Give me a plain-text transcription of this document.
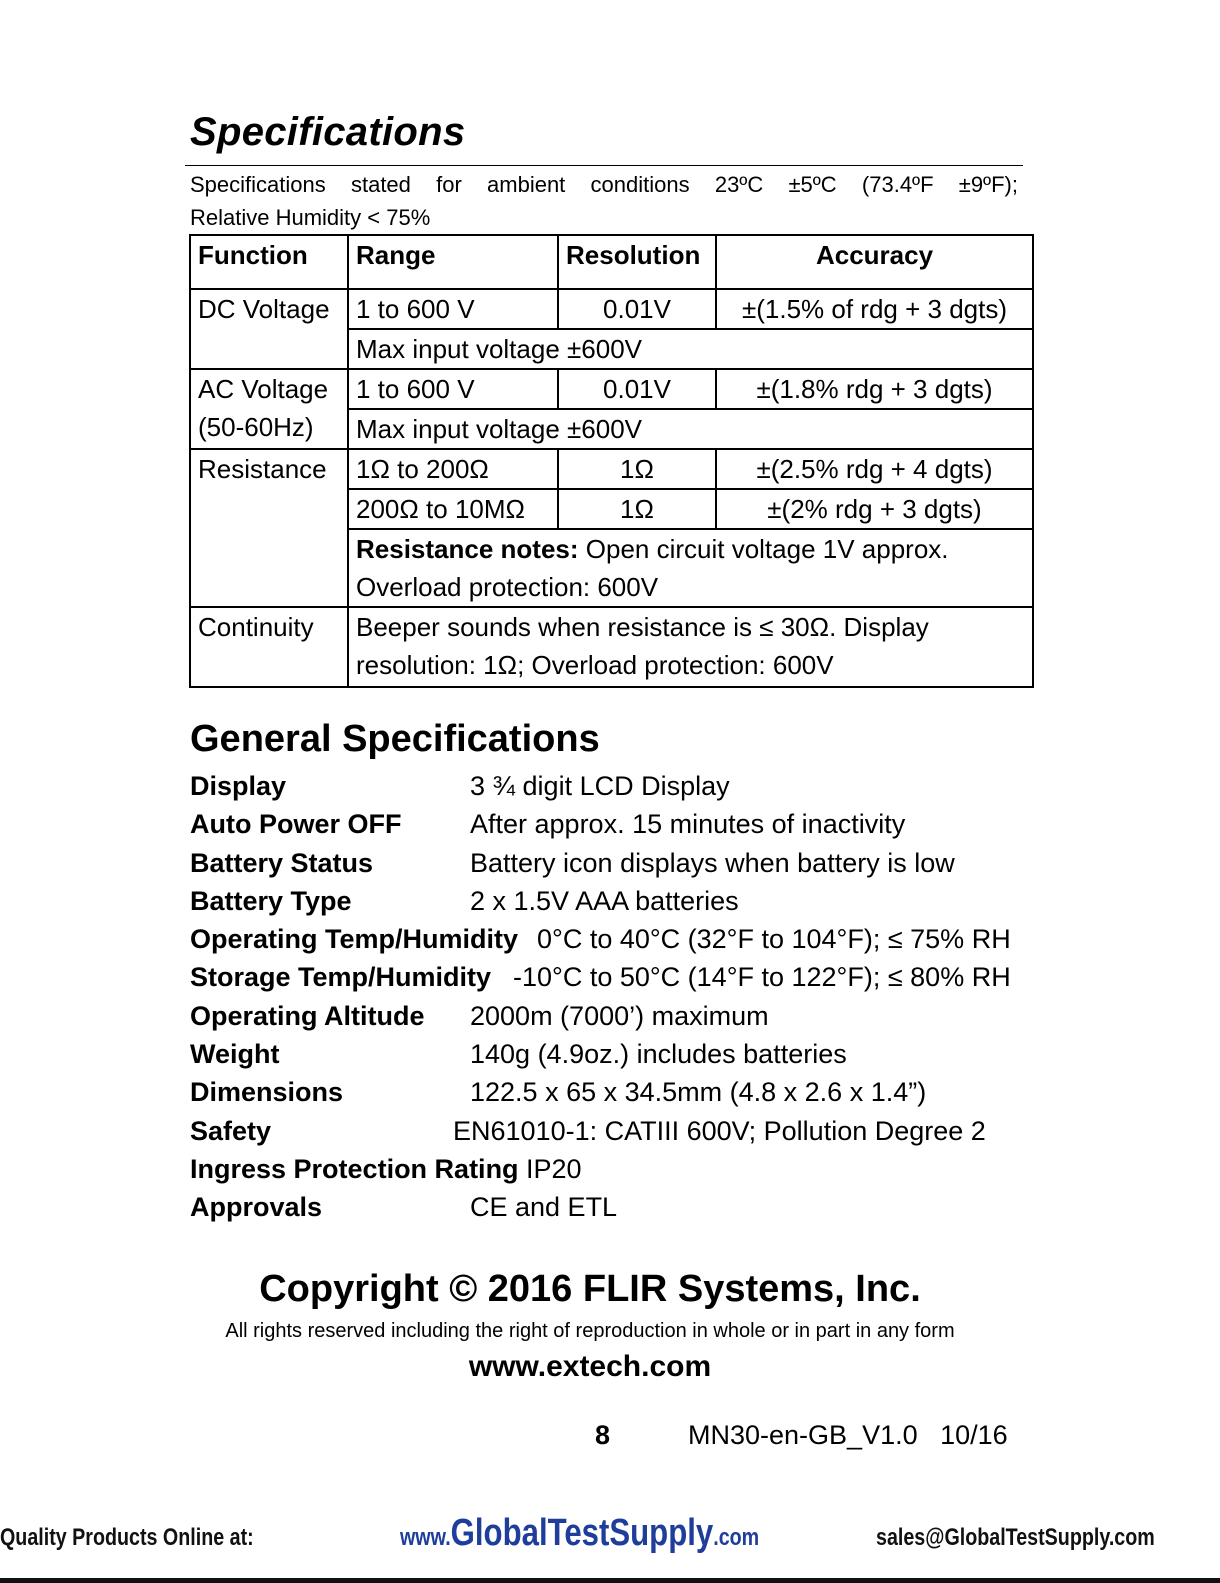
Specifications
Specifications stated for ambient conditions 23ºC ±5ºC (73.4ºF ±9ºF);
Relative Humidity < 75%
Function	Range	Resolution	Accuracy
DC Voltage	1 to 600 V	0.01V	±(1.5% of rdg + 3 dgts)
	Max input voltage ±600V		

AC Voltage
(50-60Hz)	1 to 600 V	0.01V	±(1.8% rdg + 3 dgts)
	Max input voltage ±600V		
Resistance	1Ω to 200Ω	1Ω	±(2.5% rdg + 4 dgts)
	200Ω to 10MΩ	1Ω	±(2% rdg + 3 dgts)

	Resistance notes: Open circuit voltage 1V approx.
Overload protection: 600V		

Continuity	Beeper sounds when resistance is ≤ 30Ω. Display
resolution: 1Ω; Overload protection: 600V		
General Specifications
Display	3 ¾ digit LCD Display
Auto Power OFF	After approx. 15 minutes of inactivity
Battery Status	Battery icon displays when battery is low
Battery Type	2 x 1.5V AAA batteries
Operating Temp/Humidity 0°C to 40°C (32°F to 104°F); ≤ 75% RH
Storage Temp/Humidity -10°C to 50°C (14°F to 122°F); ≤ 80% RH
Operating Altitude 2000m (7000’) maximum
Weight	140g (4.9oz.) includes batteries
Dimensions	122.5 x 65 x 34.5mm (4.8 x 2.6 x 1.4”)
Safety	EN61010-1: CATIII 600V; Pollution Degree 2
Ingress Protection Rating IP20
Approvals	CE and ETL
Copyright © 2016 FLIR Systems, Inc.
All rights reserved including the right of reproduction in whole or in part in any form
www.extech.com
8	MN30-en-GB_V1.0   10/16
Quality Products Online at:	www.GlobalTestSupply.com	sales@GlobalTestSupply.com
